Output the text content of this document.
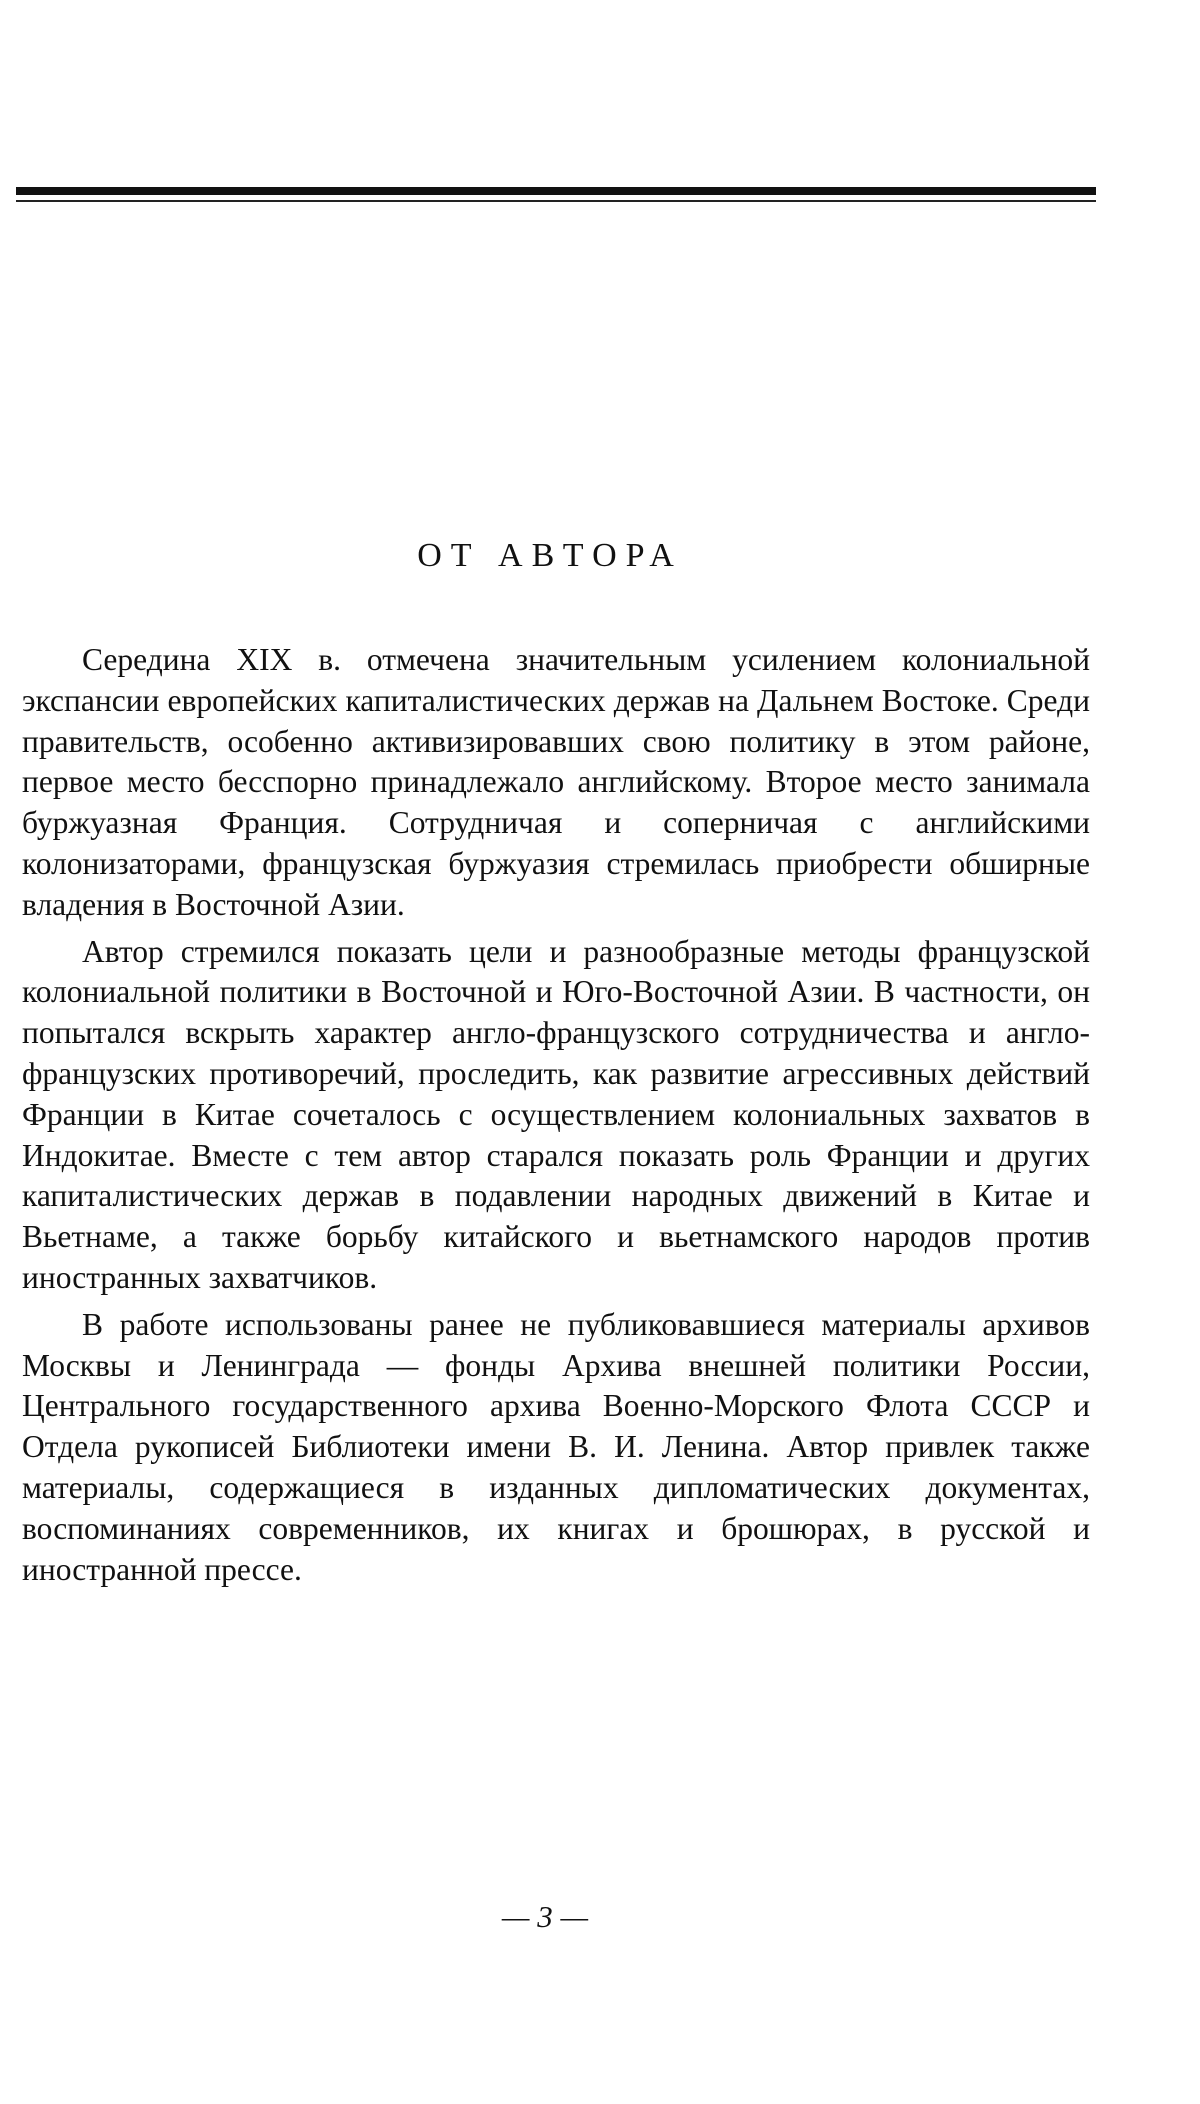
ОТ АВТОРА

Середина XIX в. отмечена значительным усилением колониальной экспансии европейских капиталистических держав на Дальнем Востоке. Среди правительств, особенно активизировавших свою политику в этом районе, первое место бесспорно принадлежало английскому. Второе место занимала буржуазная Франция. Сотрудничая и соперничая с английскими колонизаторами, французская буржуазия стремилась приобрести обширные владения в Восточной Азии.

Автор стремился показать цели и разнообразные методы французской колониальной политики в Восточной и Юго-Восточной Азии. В частности, он попытался вскрыть характер англо-французского сотрудничества и англо-французских противоречий, проследить, как развитие агрессивных действий Франции в Китае сочеталось с осуществлением колониальных захватов в Индокитае. Вместе с тем автор старался показать роль Франции и других капиталистических держав в подавлении народных движений в Китае и Вьетнаме, а также борьбу китайского и вьетнамского народов против иностранных захватчиков.

В работе использованы ранее не публиковавшиеся материалы архивов Москвы и Ленинграда — фонды Архива внешней политики России, Центрального государственного архива Военно-Морского Флота СССР и Отдела рукописей Библиотеки имени В. И. Ленина. Автор привлек также материалы, содержащиеся в изданных дипломатических документах, воспоминаниях современников, их книгах и брошюрах, в русской и иностранной прессе.

— 3 —
